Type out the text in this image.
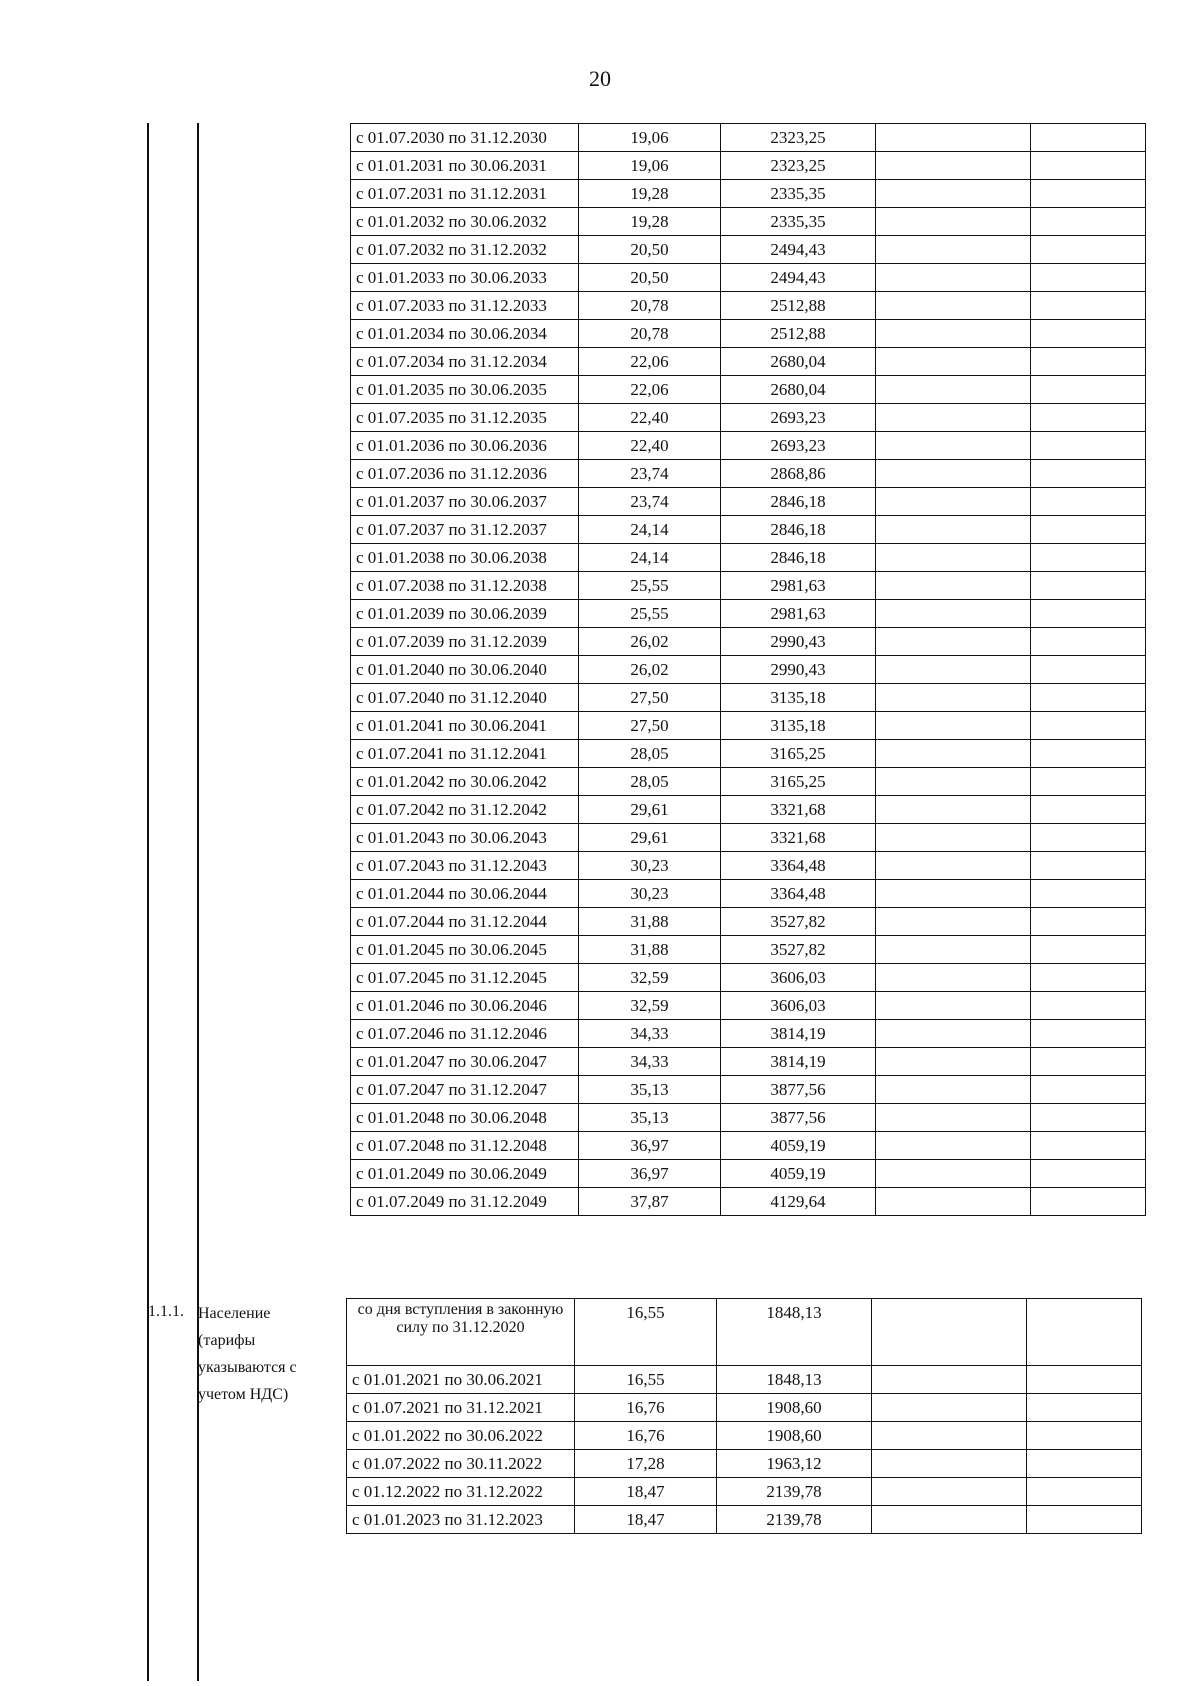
20
с 01.07.2030 по 31.12.2030	19,06	2323,25		
с 01.01.2031 по 30.06.2031	19,06	2323,25		
с 01.07.2031 по 31.12.2031	19,28	2335,35		
с 01.01.2032 по 30.06.2032	19,28	2335,35		
с 01.07.2032 по 31.12.2032	20,50	2494,43		
с 01.01.2033 по 30.06.2033	20,50	2494,43		
с 01.07.2033 по 31.12.2033	20,78	2512,88		
с 01.01.2034 по 30.06.2034	20,78	2512,88		
с 01.07.2034 по 31.12.2034	22,06	2680,04		
с 01.01.2035 по 30.06.2035	22,06	2680,04		
с 01.07.2035 по 31.12.2035	22,40	2693,23		
с 01.01.2036 по 30.06.2036	22,40	2693,23		
с 01.07.2036 по 31.12.2036	23,74	2868,86		
с 01.01.2037 по 30.06.2037	23,74	2846,18		
с 01.07.2037 по 31.12.2037	24,14	2846,18		
с 01.01.2038 по 30.06.2038	24,14	2846,18		
с 01.07.2038 по 31.12.2038	25,55	2981,63		
с 01.01.2039 по 30.06.2039	25,55	2981,63		
с 01.07.2039 по 31.12.2039	26,02	2990,43		
с 01.01.2040 по 30.06.2040	26,02	2990,43		
с 01.07.2040 по 31.12.2040	27,50	3135,18		
с 01.01.2041 по 30.06.2041	27,50	3135,18		
с 01.07.2041 по 31.12.2041	28,05	3165,25		
с 01.01.2042 по 30.06.2042	28,05	3165,25		
с 01.07.2042 по 31.12.2042	29,61	3321,68		
с 01.01.2043 по 30.06.2043	29,61	3321,68		
с 01.07.2043 по 31.12.2043	30,23	3364,48		
с 01.01.2044 по 30.06.2044	30,23	3364,48		
с 01.07.2044 по 31.12.2044	31,88	3527,82		
с 01.01.2045 по 30.06.2045	31,88	3527,82		
с 01.07.2045 по 31.12.2045	32,59	3606,03		
с 01.01.2046 по 30.06.2046	32,59	3606,03		
с 01.07.2046 по 31.12.2046	34,33	3814,19		
с 01.01.2047 по 30.06.2047	34,33	3814,19		
с 01.07.2047 по 31.12.2047	35,13	3877,56		
с 01.01.2048 по 30.06.2048	35,13	3877,56		
с 01.07.2048 по 31.12.2048	36,97	4059,19		
с 01.01.2049 по 30.06.2049	36,97	4059,19		
с 01.07.2049 по 31.12.2049	37,87	4129,64		
1.1.1. Население
(тарифы
указываются с
учетом НДС)
со дня вступления в законную силу по 31.12.2020	16,55	1848,13		
с 01.01.2021 по 30.06.2021	16,55	1848,13		
с 01.07.2021 по 31.12.2021	16,76	1908,60		
с 01.01.2022 по 30.06.2022	16,76	1908,60		
с 01.07.2022 по 30.11.2022	17,28	1963,12		
с 01.12.2022 по 31.12.2022	18,47	2139,78		
с 01.01.2023 по 31.12.2023	18,47	2139,78		
